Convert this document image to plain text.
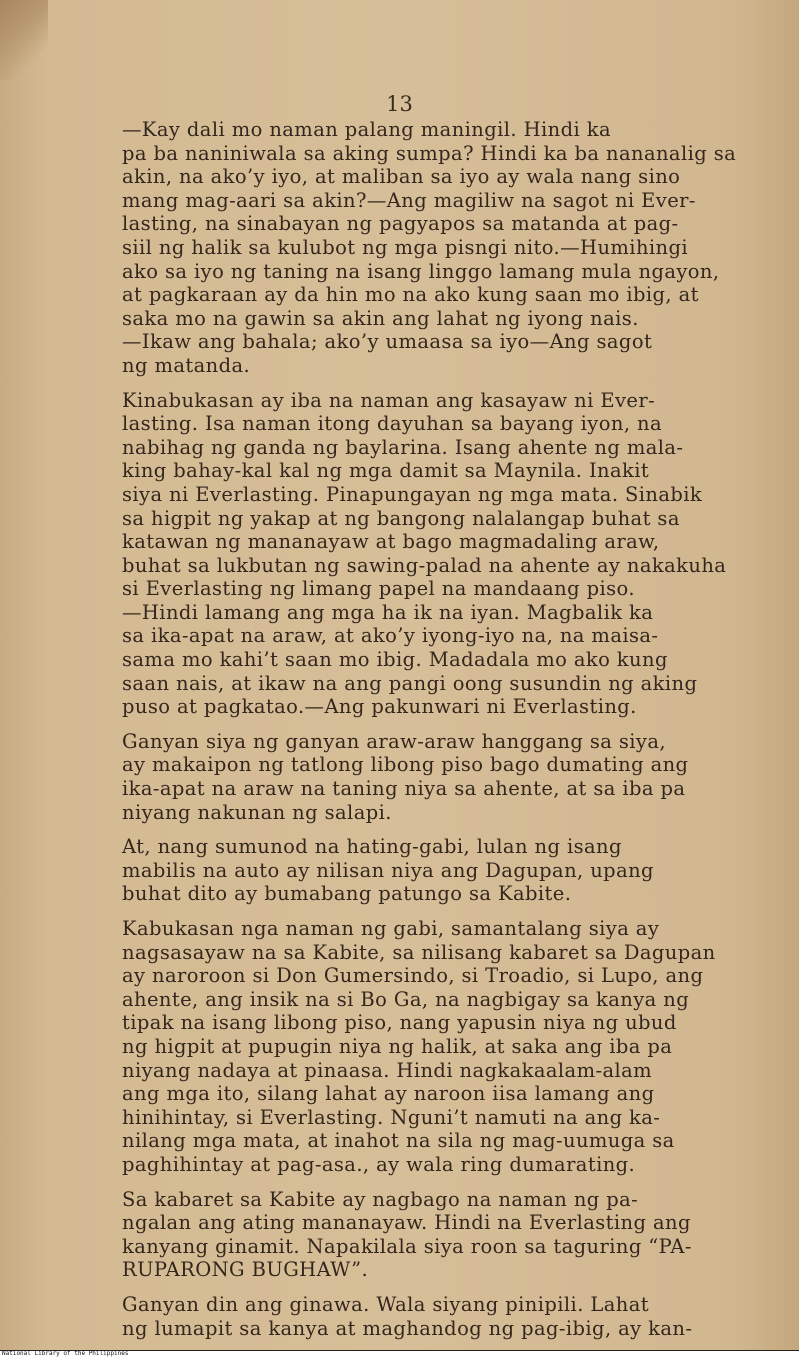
13

—Kay dali mo naman palang maningil. Hindi ka
pa ba naniniwala sa aking sumpa? Hindi ka ba nananalig sa
akin, na ako’y iyo, at maliban sa iyo ay wala nang sino
mang mag-aari sa akin?—Ang magiliw na sagot ni Ever-
lasting, na sinabayan ng pagyapos sa matanda at pag-
siil ng halik sa kulubot ng mga pisngi nito.—Humihingi
ako sa iyo ng taning na isang linggo lamang mula ngayon,
at pagkaraan ay da hin mo na ako kung saan mo ibig, at
saka mo na gawin sa akin ang lahat ng iyong nais.

—Ikaw ang bahala; ako’y umaasa sa iyo—Ang sagot
ng matanda.

Kinabukasan ay iba na naman ang kasayaw ni Ever-
lasting. Isa naman itong dayuhan sa bayang iyon, na
nabihag ng ganda ng baylarina. Isang ahente ng mala-
king bahay-kal kal ng mga damit sa Maynila. Inakit
siya ni Everlasting. Pinapungayan ng mga mata. Sinabik
sa higpit ng yakap at ng bangong nalalangap buhat sa
katawan ng mananayaw at bago magmadaling araw,
buhat sa lukbutan ng sawing-palad na ahente ay nakakuha
si Everlasting ng limang papel na mandaang piso.

—Hindi lamang ang mga ha ik na iyan. Magbalik ka
sa ika-apat na araw, at ako’y iyong-iyo na, na maisa-
sama mo kahi’t saan mo ibig. Madadala mo ako kung
saan nais, at ikaw na ang pangi oong susundin ng aking
puso at pagkatao.—Ang pakunwari ni Everlasting.

Ganyan siya ng ganyan araw-araw hanggang sa siya,
ay makaipon ng tatlong libong piso bago dumating ang
ika-apat na araw na taning niya sa ahente, at sa iba pa
niyang nakunan ng salapi.

At, nang sumunod na hating-gabi, lulan ng isang
mabilis na auto ay nilisan niya ang Dagupan, upang
buhat dito ay bumabang patungo sa Kabite.

Kabukasan nga naman ng gabi, samantalang siya ay
nagsasayaw na sa Kabite, sa nilisang kabaret sa Dagupan
ay naroroon si Don Gumersindo, si Troadio, si Lupo, ang
ahente, ang insik na si Bo Ga, na nagbigay sa kanya ng
tipak na isang libong piso, nang yapusin niya ng ubud
ng higpit at pupugin niya ng halik, at saka ang iba pa
niyang nadaya at pinaasa. Hindi nagkakaalam-alam
ang mga ito, silang lahat ay naroon iisa lamang ang
hinihintay, si Everlasting. Nguni’t namuti na ang ka-
nilang mga mata, at inahot na sila ng mag-uumuga sa
paghihintay at pag-asa., ay wala ring dumarating.

Sa kabaret sa Kabite ay nagbago na naman ng pa-
ngalan ang ating mananayaw. Hindi na Everlasting ang
kanyang ginamit. Napakilala siya roon sa taguring “PA-
RUPARONG BUGHAW”.

Ganyan din ang ginawa. Wala siyang pinipili. Lahat
ng lumapit sa kanya at maghandog ng pag-ibig, ay kan-

National Library of the Philippines
